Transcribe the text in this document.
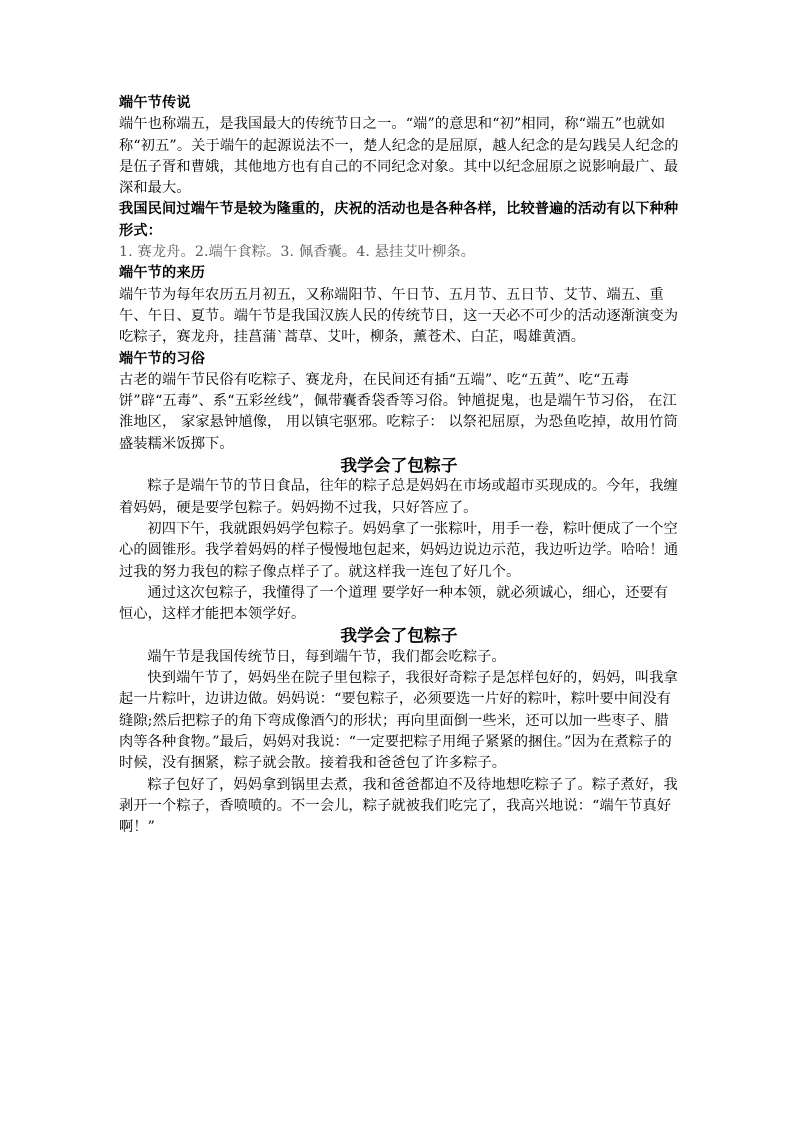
端午节传说

端午也称端五，是我国最大的传统节日之一。“端”的意思和“初”相同，称“端五”也就如称“初五”。关于端午的起源说法不一，楚人纪念的是屈原，越人纪念的是勾践吴人纪念的是伍子胥和曹娥，其他地方也有自己的不同纪念对象。其中以纪念屈原之说影响最广、最深和最大。

我国民间过端午节是较为隆重的，庆祝的活动也是各种各样，比较普遍的活动有以下种种形式：

1. 赛龙舟。2.端午食粽。3. 佩香囊。4. 悬挂艾叶柳条。

端午节的来历

端午节为每年农历五月初五，又称端阳节、午日节、五月节、五日节、艾节、端五、重午、午日、夏节。端午节是我国汉族人民的传统节日，这一天必不可少的活动逐渐演变为吃粽子，赛龙舟，挂菖蒲`蒿草、艾叶，柳条，薰苍术、白芷，喝雄黄酒。

端午节的习俗

古老的端午节民俗有吃粽子、赛龙舟，在民间还有插“五端”、吃“五黄”、吃“五毒饼”辟“五毒”、系“五彩丝线”，佩带囊香袋香等习俗。钟馗捉鬼，也是端午节习俗， 在江淮地区， 家家悬钟馗像， 用以镇宅驱邪。吃粽子： 以祭祀屈原，为恐鱼吃掉，故用竹筒盛装糯米饭掷下。

我学会了包粽子

粽子是端午节的节日食品，往年的粽子总是妈妈在市场或超市买现成的。今年，我缠着妈妈，硬是要学包粽子。妈妈拗不过我，只好答应了。

初四下午，我就跟妈妈学包粽子。妈妈拿了一张粽叶，用手一卷，粽叶便成了一个空心的圆锥形。我学着妈妈的样子慢慢地包起来，妈妈边说边示范，我边听边学。哈哈！通过我的努力我包的粽子像点样子了。就这样我一连包了好几个。

通过这次包粽子，我懂得了一个道理 要学好一种本领，就必须诚心，细心，还要有恒心，这样才能把本领学好。

我学会了包粽子

端午节是我国传统节日，每到端午节，我们都会吃粽子。

快到端午节了，妈妈坐在院子里包粽子，我很好奇粽子是怎样包好的，妈妈，叫我拿起一片粽叶，边讲边做。妈妈说：“要包粽子，必须要选一片好的粽叶，粽叶要中间没有缝隙;然后把粽子的角下弯成像酒勺的形状；再向里面倒一些米，还可以加一些枣子、腊肉等各种食物。”最后，妈妈对我说：“一定要把粽子用绳子紧紧的捆住。”因为在煮粽子的时候，没有捆紧，粽子就会散。接着我和爸爸包了许多粽子。

粽子包好了，妈妈拿到锅里去煮，我和爸爸都迫不及待地想吃粽子了。粽子煮好，我剥开一个粽子，香喷喷的。不一会儿，粽子就被我们吃完了，我高兴地说：“端午节真好啊！”
